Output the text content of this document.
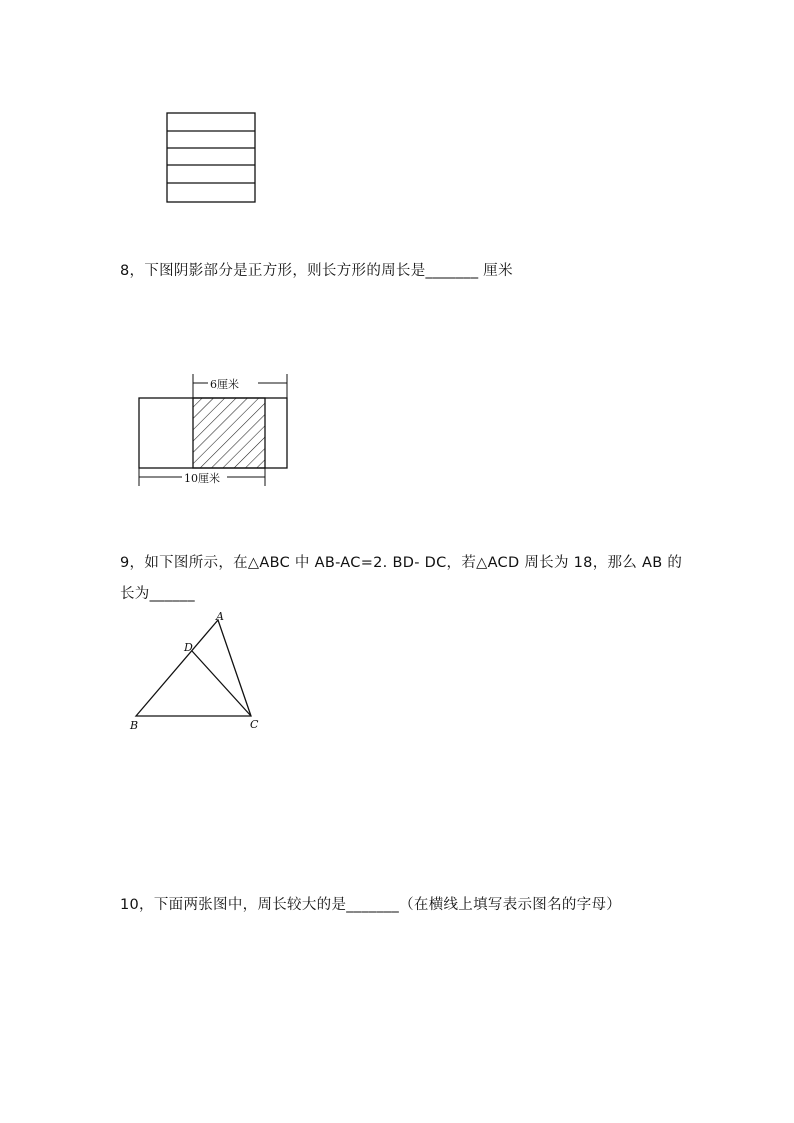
8，下图阴影部分是正方形，则长方形的周长是_______ 厘米
6厘米
10厘米
9，如下图所示，在△ABC 中 AB-AC=2. BD- DC，若△ACD 周长为 18，那么 AB 的
长为______
A
D
B	C
10，下面两张图中，周长较大的是_______（在横线上填写表示图名的字母）
